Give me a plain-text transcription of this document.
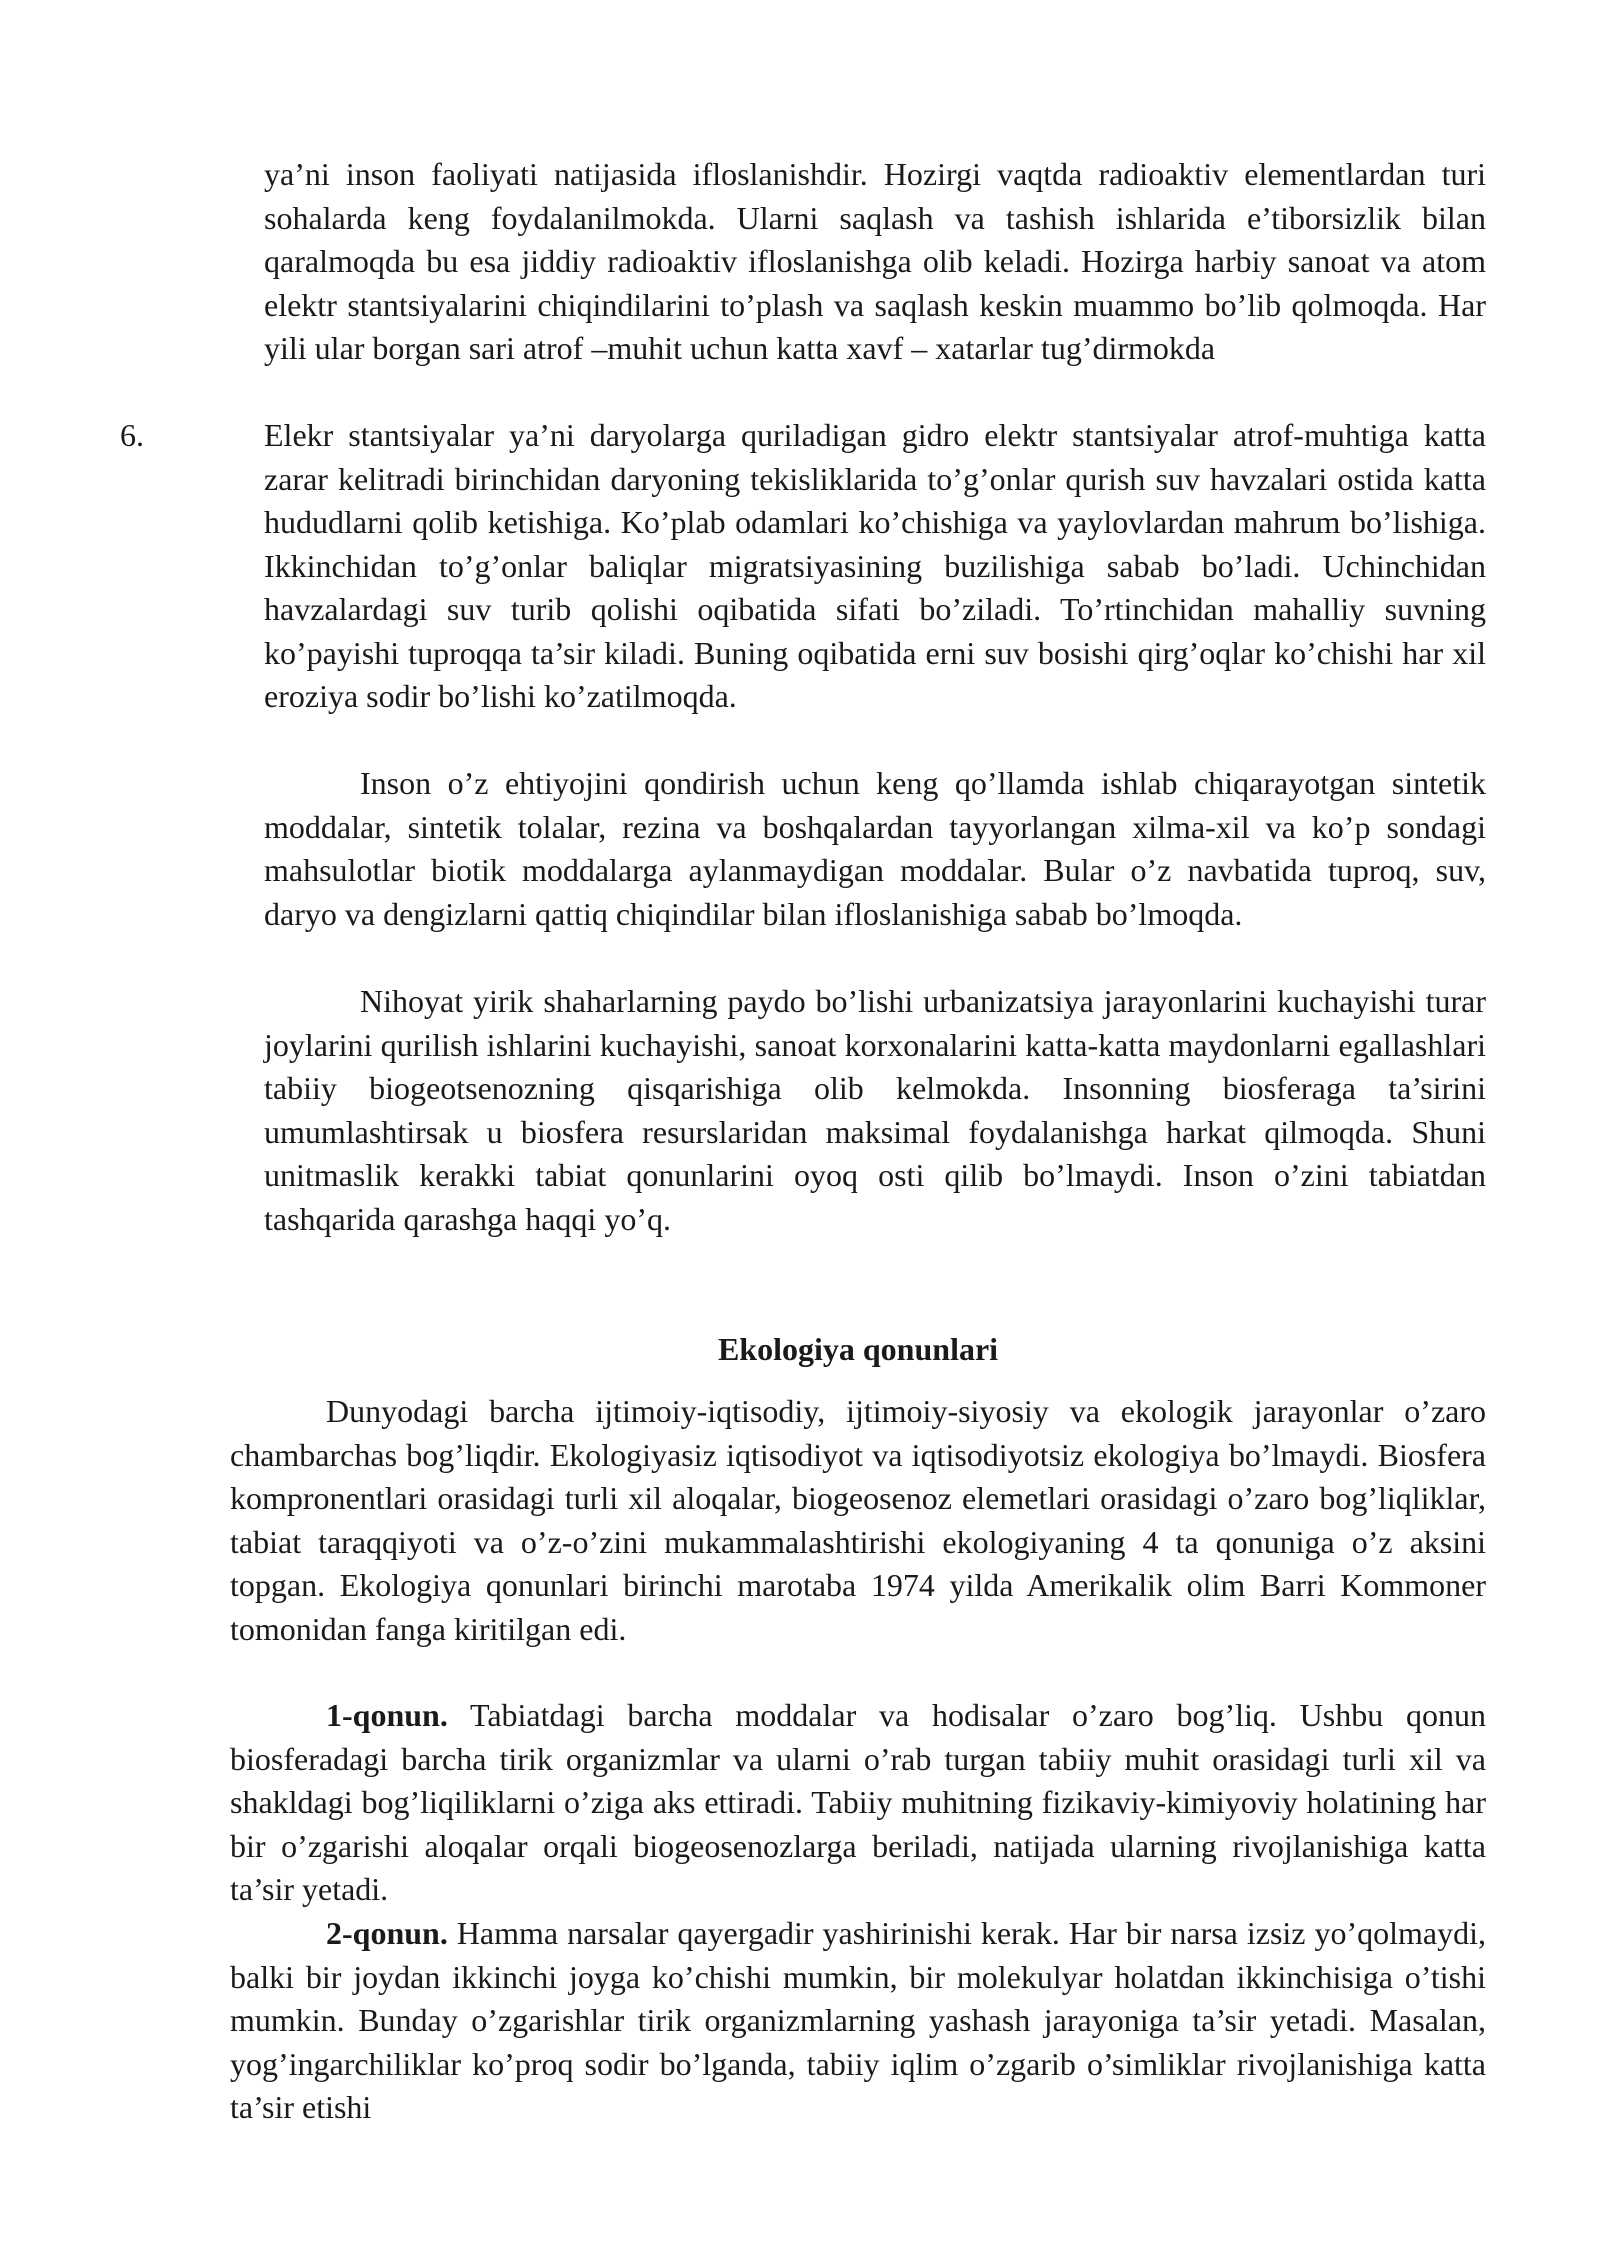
ya’ni inson faoliyati natijasida ifloslanishdir. Hozirgi vaqtda radioaktiv elementlardan turi sohalarda keng foydalanilmokda. Ularni saqlash va tashish ishlarida e’tiborsizlik bilan qaralmoqda bu esa jiddiy radioaktiv ifloslanishga olib keladi. Hozirga harbiy sanoat va atom elektr stantsiyalarini chiqindilarini to’plash va saqlash keskin muammo bo’lib qolmoqda. Har yili ular borgan sari atrof –muhit uchun katta xavf – xatarlar tug’dirmokda

6.	Elekr stantsiyalar ya’ni daryolarga quriladigan gidro elektr stantsiyalar atrof-muhtiga katta zarar kelitradi birinchidan daryoning tekisliklarida to’g’onlar qurish suv havzalari ostida katta hududlarni qolib ketishiga. Ko’plab odamlari ko’chishiga va yaylovlardan mahrum bo’lishiga. Ikkinchidan to’g’onlar baliqlar migratsiyasining buzilishiga sabab bo’ladi. Uchinchidan havzalardagi suv turib qolishi oqibatida sifati bo’ziladi. To’rtinchidan mahalliy suvning ko’payishi tuproqqa ta’sir kiladi. Buning oqibatida erni suv bosishi qirg’oqlar ko’chishi har xil eroziya sodir bo’lishi ko’zatilmoqda.

Inson o’z ehtiyojini qondirish uchun keng qo’llamda ishlab chiqarayotgan sintetik moddalar, sintetik tolalar, rezina va boshqalardan tayyorlangan xilma-xil va ko’p sondagi mahsulotlar biotik moddalarga aylanmaydigan moddalar. Bular o’z navbatida tuproq, suv, daryo va dengizlarni qattiq chiqindilar bilan ifloslanishiga sabab bo’lmoqda.

Nihoyat yirik shaharlarning paydo bo’lishi urbanizatsiya jarayonlarini kuchayishi turar joylarini qurilish ishlarini kuchayishi, sanoat korxonalarini katta-katta maydonlarni egallashlari tabiiy biogeotsenozning qisqarishiga olib kelmokda. Insonning biosferaga ta’sirini umumlashtirsak u biosfera resurslaridan maksimal foydalanishga harkat qilmoqda. Shuni unitmaslik kerakki tabiat qonunlarini oyoq osti qilib bo’lmaydi. Inson o’zini tabiatdan tashqarida qarashga haqqi yo’q.

Ekologiya qonunlari

Dunyodagi barcha ijtimoiy-iqtisodiy, ijtimoiy-siyosiy va ekologik jarayonlar o’zaro chambarchas bog’liqdir. Ekologiyasiz iqtisodiyot va iqtisodiyotsiz ekologiya bo’lmaydi. Biosfera kompronentlari orasidagi turli xil aloqalar, biogeosenoz elemetlari orasidagi o’zaro bog’liqliklar, tabiat taraqqiyoti va o’z-o’zini mukammalashtirishi ekologiyaning 4 ta qonuniga o’z aksini topgan. Ekologiya qonunlari birinchi marotaba 1974 yilda Amerikalik olim Barri Kommoner tomonidan fanga kiritilgan edi.

1-qonun. Tabiatdagi barcha moddalar va hodisalar o’zaro bog’liq. Ushbu qonun biosferadagi barcha tirik organizmlar va ularni o’rab turgan tabiiy muhit orasidagi turli xil va shakldagi bog’liqiliklarni o’ziga aks ettiradi. Tabiiy muhitning fizikaviy-kimiyoviy holatining har bir o’zgarishi aloqalar orqali biogeosenozlarga beriladi, natijada ularning rivojlanishiga katta ta’sir yetadi.

2-qonun. Hamma narsalar qayergadir yashirinishi kerak. Har bir narsa izsiz yo’qolmaydi, balki bir joydan ikkinchi joyga ko’chishi mumkin, bir molekulyar holatdan ikkinchisiga o’tishi mumkin. Bunday o’zgarishlar tirik organizmlarning yashash jarayoniga ta’sir yetadi. Masalan, yog’ingarchiliklar ko’proq sodir bo’lganda, tabiiy iqlim o’zgarib o’simliklar rivojlanishiga katta ta’sir etishi
